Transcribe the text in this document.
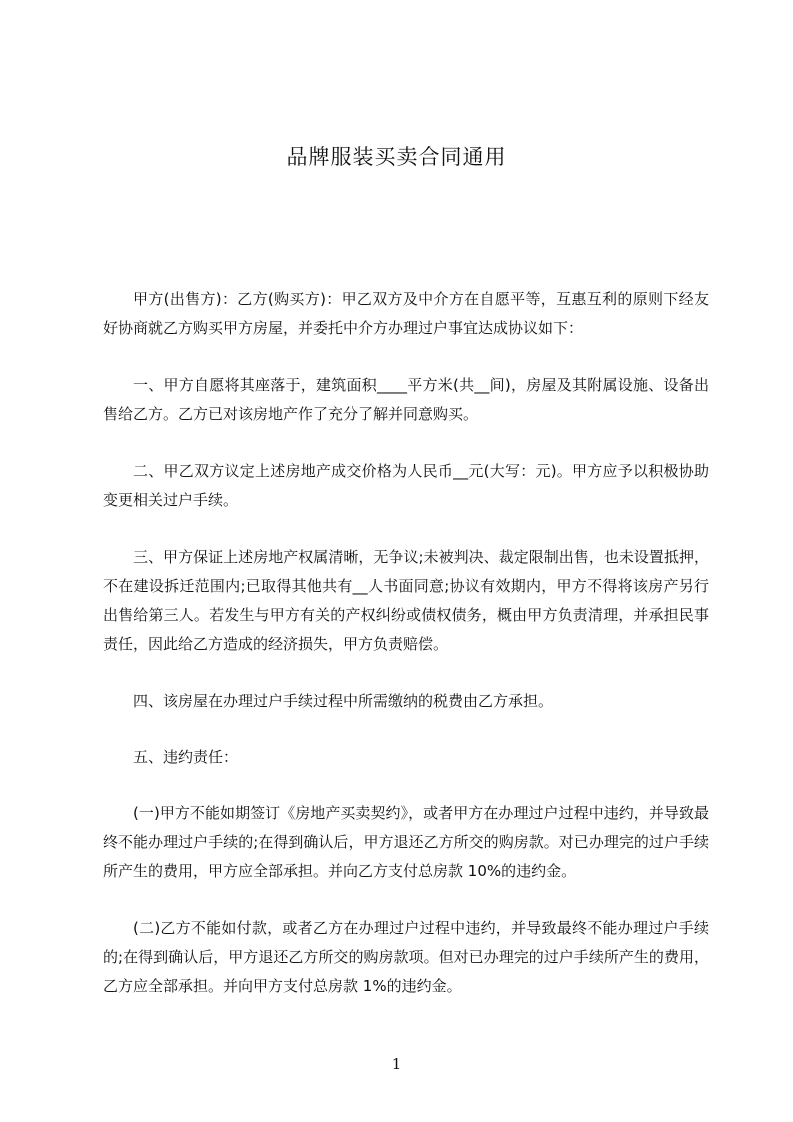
品牌服装买卖合同通用

甲方(出售方)：乙方(购买方)：甲乙双方及中介方在自愿平等，互惠互利的原则下经友好协商就乙方购买甲方房屋，并委托中介方办理过户事宜达成协议如下：

一、甲方自愿将其座落于，建筑面积____平方米(共__间)，房屋及其附属设施、设备出售给乙方。乙方已对该房地产作了充分了解并同意购买。

二、甲乙双方议定上述房地产成交价格为人民币__元(大写：元)。甲方应予以积极协助变更相关过户手续。

三、甲方保证上述房地产权属清晰，无争议;未被判决、裁定限制出售，也未设置抵押，不在建设拆迁范围内;已取得其他共有__人书面同意;协议有效期内，甲方不得将该房产另行出售给第三人。若发生与甲方有关的产权纠纷或债权债务，概由甲方负责清理，并承担民事责任，因此给乙方造成的经济损失，甲方负责赔偿。

四、该房屋在办理过户手续过程中所需缴纳的税费由乙方承担。

五、违约责任：

(一)甲方不能如期签订《房地产买卖契约》，或者甲方在办理过户过程中违约，并导致最终不能办理过户手续的;在得到确认后，甲方退还乙方所交的购房款。对已办理完的过户手续所产生的费用，甲方应全部承担。并向乙方支付总房款 10%的违约金。

(二)乙方不能如付款，或者乙方在办理过户过程中违约，并导致最终不能办理过户手续的;在得到确认后，甲方退还乙方所交的购房款项。但对已办理完的过户手续所产生的费用，乙方应全部承担。并向甲方支付总房款 1%的违约金。

1
